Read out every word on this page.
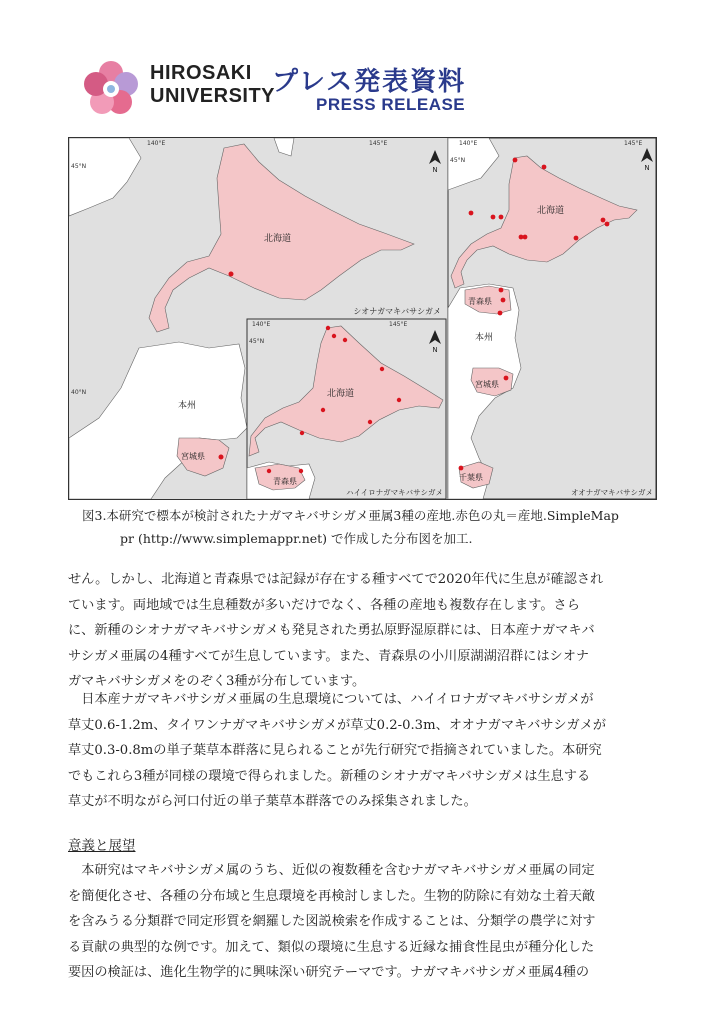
HIROSAKI
UNIVERSITY
プレス発表資料
PRESS RELEASE
140°E	145°E
45°N
40°N
N
北海道
本州
宮城県
シオナガマキバサシガメ
140°E	145°E
45°N
N
北海道
青森県
ハイイロナガマキバサシガメ
140°E	145°E
45°N
N
北海道
青森県
本州
宮城県
千葉県
オオナガマキバサシガメ
図3.本研究で標本が検討されたナガマキバサシガメ亜属3種の産地.赤色の丸＝産地.SimpleMap
pr (http://www.simplemappr.net) で作成した分布図を加工.
せん。しかし、北海道と青森県では記録が存在する種すべてで2020年代に生息が確認され
ています。両地域では生息種数が多いだけでなく、各種の産地も複数存在します。さら
に、新種のシオナガマキバサシガメも発見された勇払原野湿原群には、日本産ナガマキバ
サシガメ亜属の4種すべてが生息しています。また、青森県の小川原湖湖沼群にはシオナ
ガマキバサシガメをのぞく3種が分布しています。
日本産ナガマキバサシガメ亜属の生息環境については、ハイイロナガマキバサシガメが
草丈0.6-1.2m、タイワンナガマキバサシガメが草丈0.2-0.3m、オオナガマキバサシガメが
草丈0.3-0.8mの単子葉草本群落に見られることが先行研究で指摘されていました。本研究
でもこれら3種が同様の環境で得られました。新種のシオナガマキバサシガメは生息する
草丈が不明ながら河口付近の単子葉草本群落でのみ採集されました。
意義と展望
本研究はマキバサシガメ属のうち、近似の複数種を含むナガマキバサシガメ亜属の同定
を簡便化させ、各種の分布域と生息環境を再検討しました。生物的防除に有効な土着天敵
を含みうる分類群で同定形質を網羅した図説検索を作成することは、分類学の農学に対す
る貢献の典型的な例です。加えて、類似の環境に生息する近縁な捕食性昆虫が種分化した
要因の検証は、進化生物学的に興味深い研究テーマです。ナガマキバサシガメ亜属4種の
